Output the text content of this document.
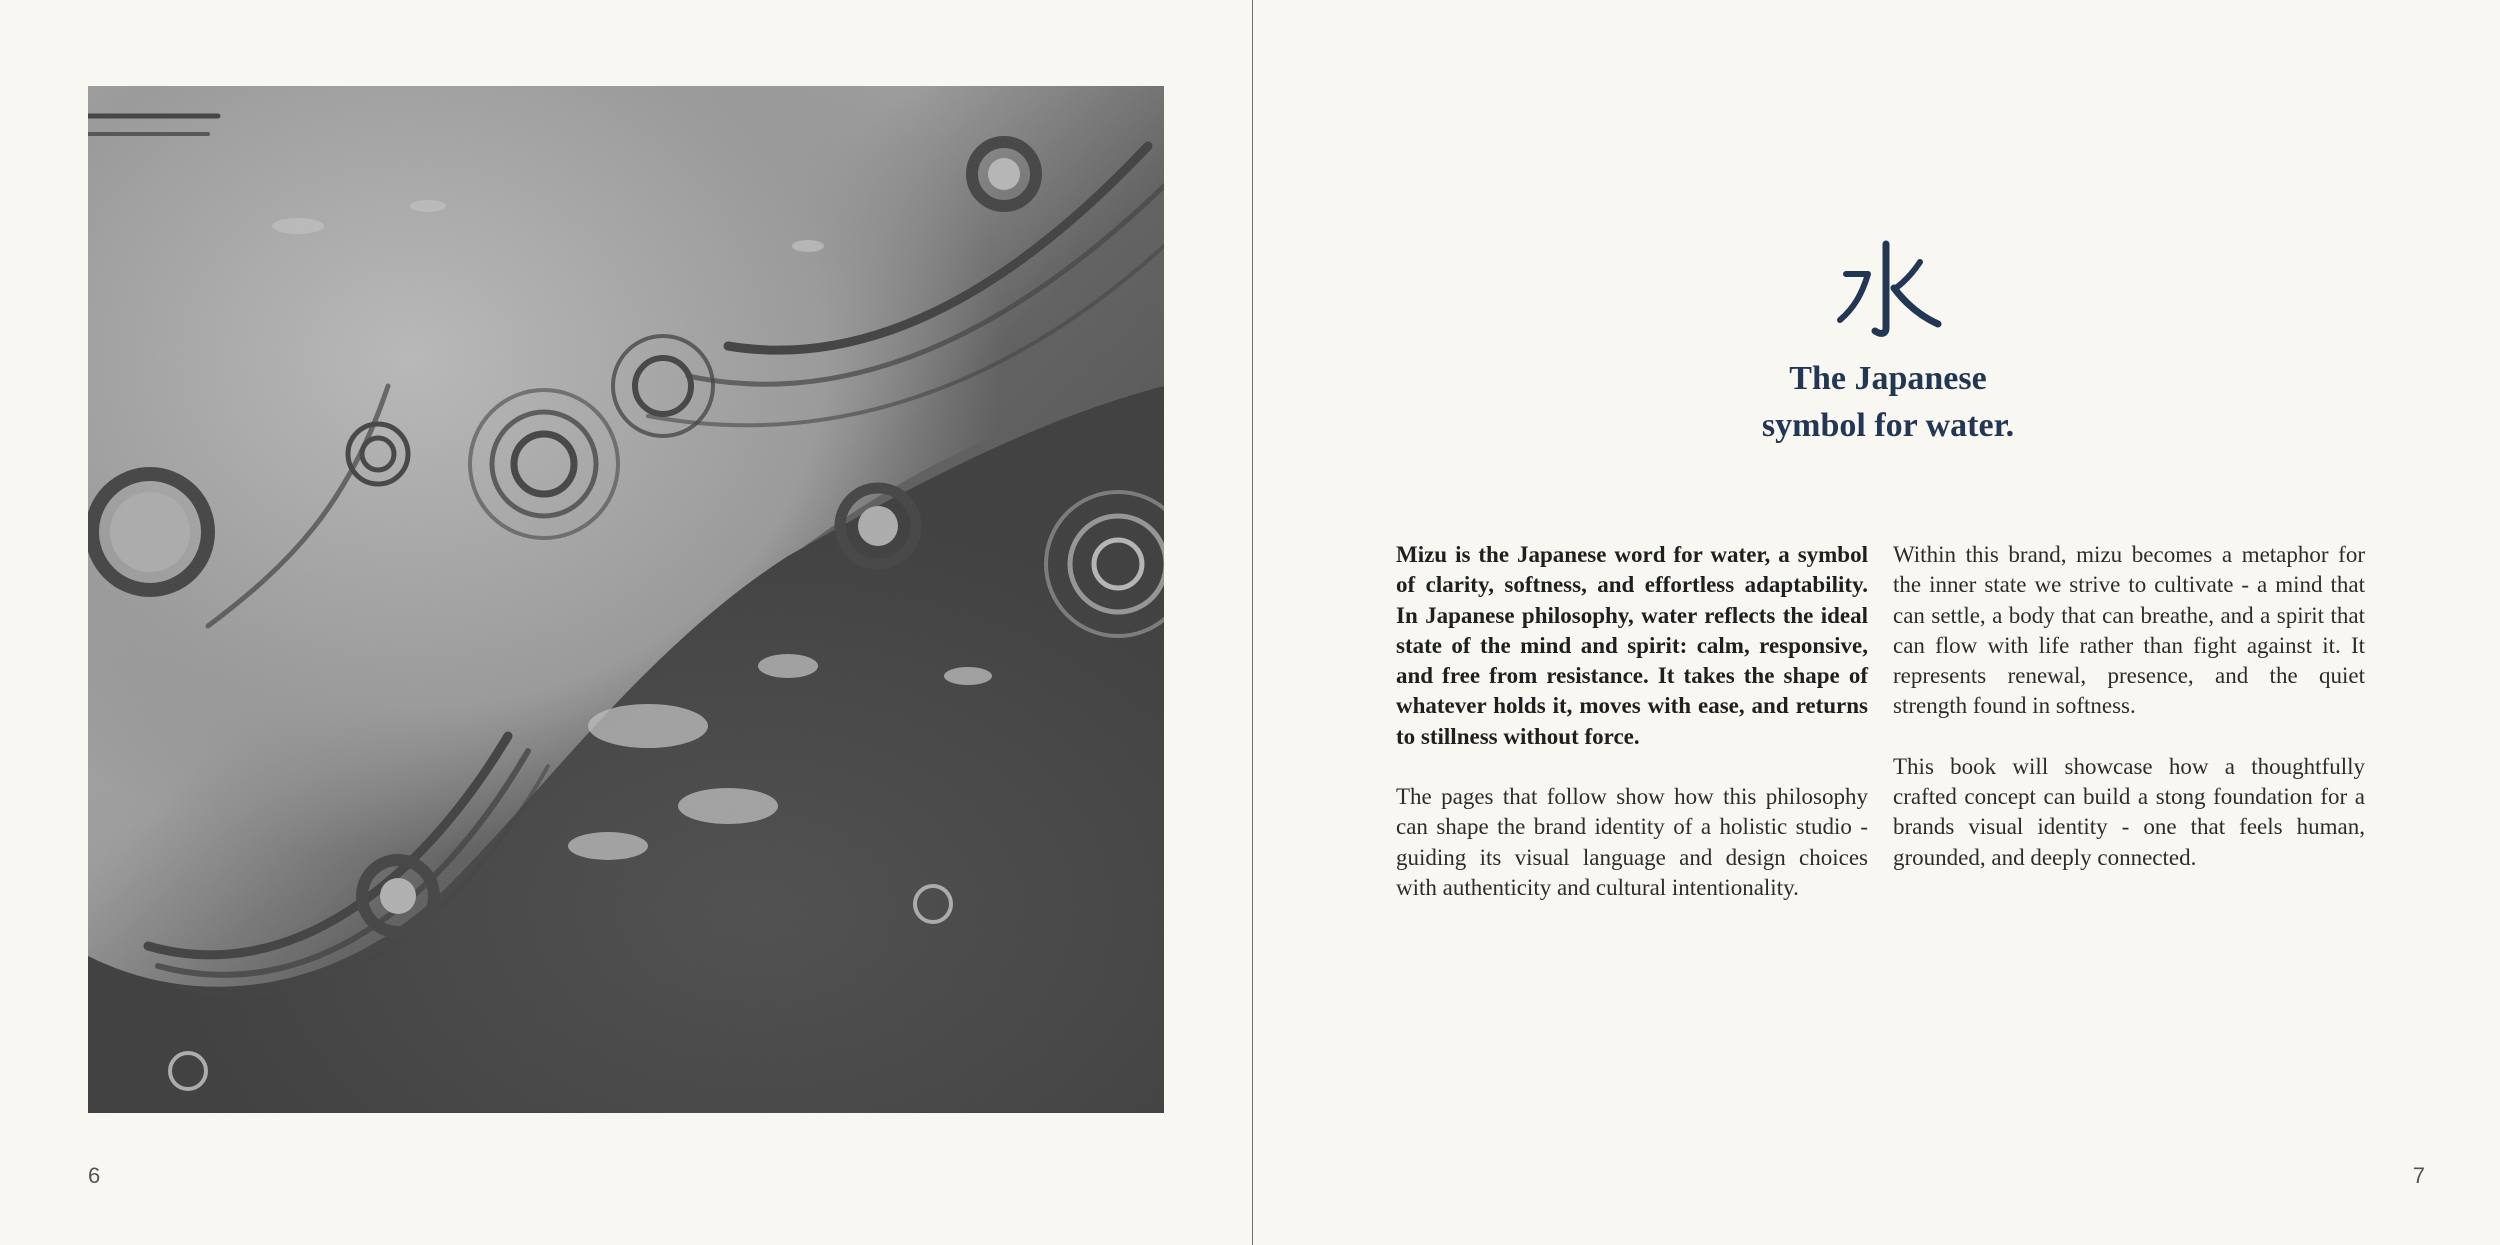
6
The Japanese
symbol for water.

Mizu is the Japanese word for water, a symbol of clarity, softness, and effortless adaptability. In Japanese philosophy, water reflects the ideal state of the mind and spirit: calm, responsive, and free from resistance. It takes the shape of whatever holds it, moves with ease, and returns to stillness without force.

The pages that follow show how this philosophy can shape the brand identity of a holistic studio - guiding its visual language and design choices with authenticity and cultural intentionality.

Within this brand, mizu becomes a metaphor for the inner state we strive to cultivate - a mind that can settle, a body that can breathe, and a spirit that can flow with life rather than fight against it. It represents renewal, presence, and the quiet strength found in softness.

This book will showcase how a thoughtfully crafted concept can build a stong foundation for a brands visual identity - one that feels human, grounded, and deeply connected.

7
